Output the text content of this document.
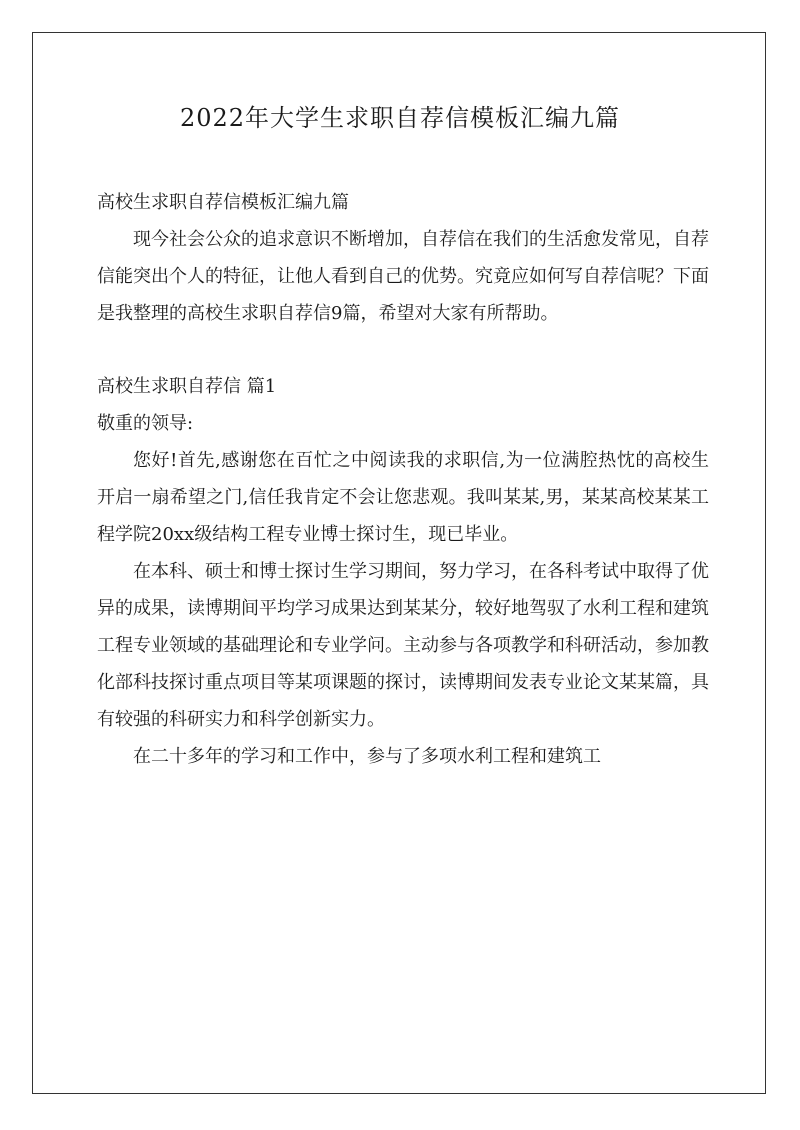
2022年大学生求职自荐信模板汇编九篇

高校生求职自荐信模板汇编九篇

现今社会公众的追求意识不断增加，自荐信在我们的生活愈发常见，自荐信能突出个人的特征，让他人看到自己的优势。究竟应如何写自荐信呢？下面是我整理的高校生求职自荐信9篇，希望对大家有所帮助。

高校生求职自荐信 篇1

敬重的领导:

您好!首先,感谢您在百忙之中阅读我的求职信,为一位满腔热忱的高校生开启一扇希望之门,信任我肯定不会让您悲观。我叫某某,男，某某高校某某工程学院20xx级结构工程专业博士探讨生，现已毕业。

在本科、硕士和博士探讨生学习期间，努力学习，在各科考试中取得了优异的成果，读博期间平均学习成果达到某某分，较好地驾驭了水利工程和建筑工程专业领域的基础理论和专业学问。主动参与各项教学和科研活动，参加教化部科技探讨重点项目等某项课题的探讨，读博期间发表专业论文某某篇，具有较强的科研实力和科学创新实力。

在二十多年的学习和工作中，参与了多项水利工程和建筑工
